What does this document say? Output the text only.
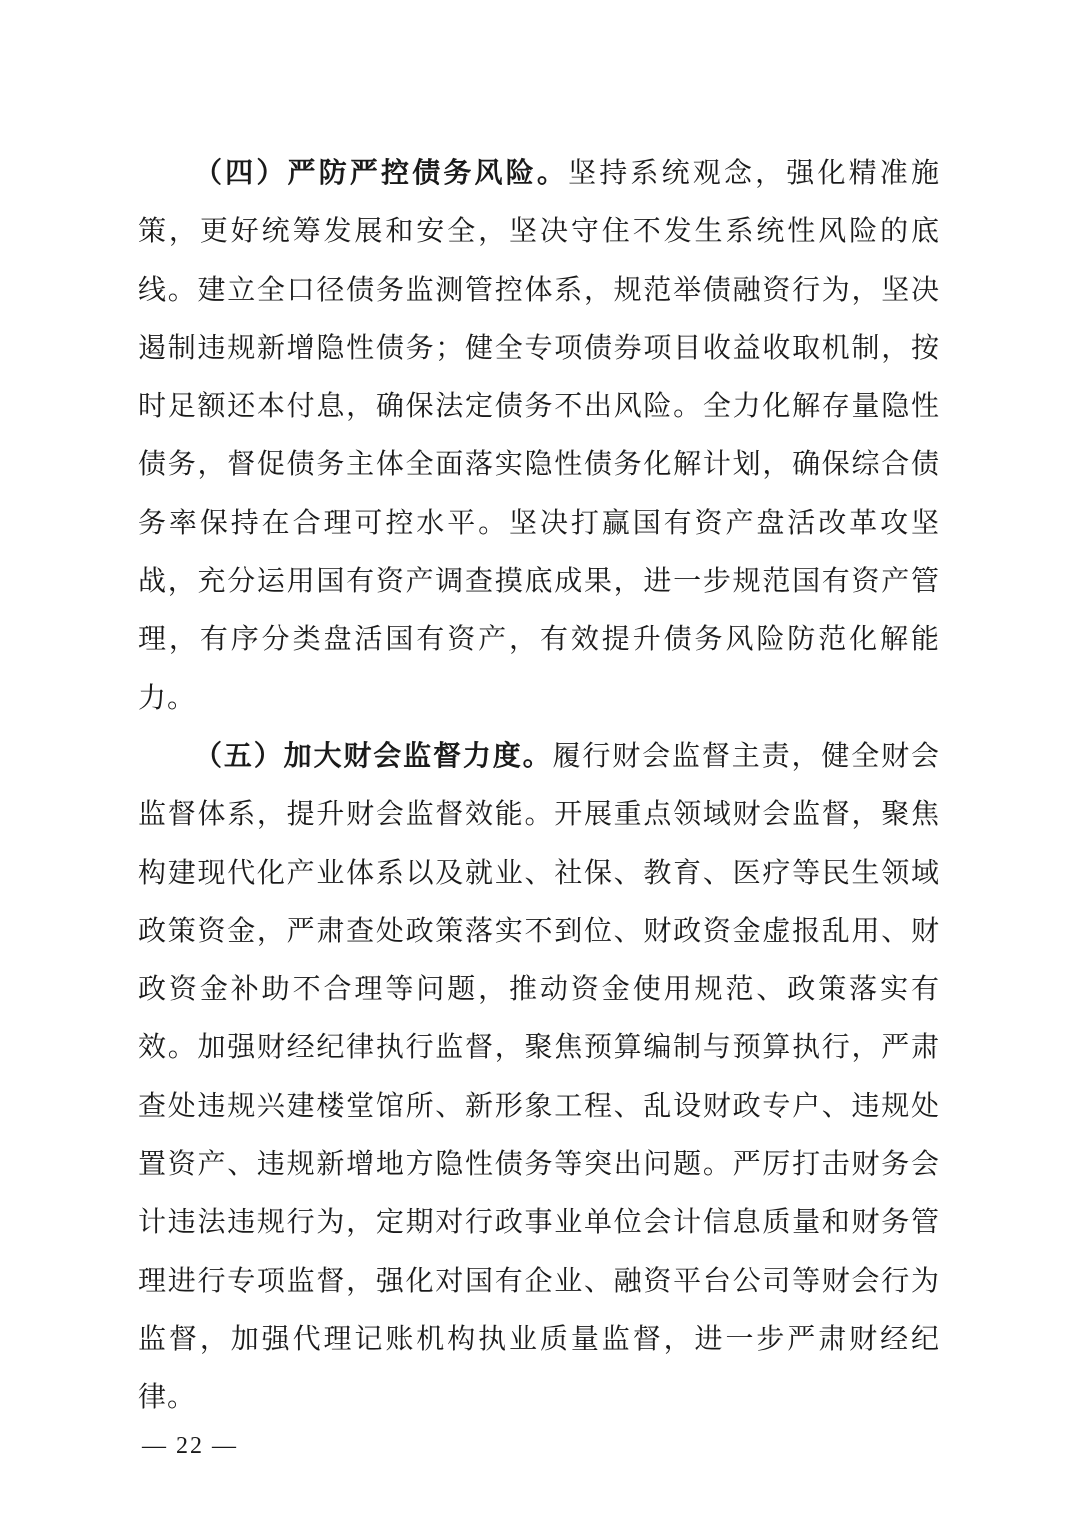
（四）严防严控债务风险。坚持系统观念，强化精准施策，更好统筹发展和安全，坚决守住不发生系统性风险的底线。建立全口径债务监测管控体系，规范举债融资行为，坚决遏制违规新增隐性债务；健全专项债券项目收益收取机制，按时足额还本付息，确保法定债务不出风险。全力化解存量隐性债务，督促债务主体全面落实隐性债务化解计划，确保综合债务率保持在合理可控水平。坚决打赢国有资产盘活改革攻坚战，充分运用国有资产调查摸底成果，进一步规范国有资产管理，有序分类盘活国有资产，有效提升债务风险防范化解能力。

（五）加大财会监督力度。履行财会监督主责，健全财会监督体系，提升财会监督效能。开展重点领域财会监督，聚焦构建现代化产业体系以及就业、社保、教育、医疗等民生领域政策资金，严肃查处政策落实不到位、财政资金虚报乱用、财政资金补助不合理等问题，推动资金使用规范、政策落实有效。加强财经纪律执行监督，聚焦预算编制与预算执行，严肃查处违规兴建楼堂馆所、新形象工程、乱设财政专户、违规处置资产、违规新增地方隐性债务等突出问题。严厉打击财务会计违法违规行为，定期对行政事业单位会计信息质量和财务管理进行专项监督，强化对国有企业、融资平台公司等财会行为监督，加强代理记账机构执业质量监督，进一步严肃财经纪律。

— 22 —
